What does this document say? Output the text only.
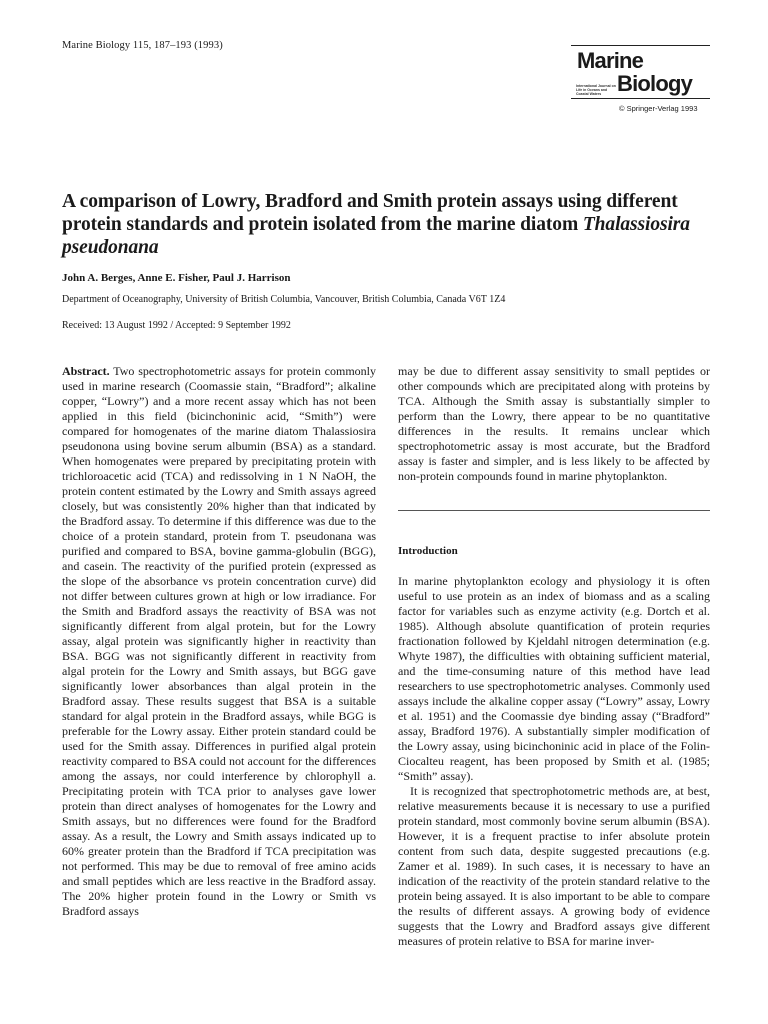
Marine Biology 115, 187–193 (1993)
Marine
International Journal on Life in Oceans and Coastal Waters Biology
© Springer-Verlag 1993
A comparison of Lowry, Bradford and Smith protein assays using different protein standards and protein isolated from the marine diatom Thalassiosira pseudonana
John A. Berges, Anne E. Fisher, Paul J. Harrison
Department of Oceanography, University of British Columbia, Vancouver, British Columbia, Canada V6T 1Z4
Received: 13 August 1992 / Accepted: 9 September 1992

Abstract. Two spectrophotometric assays for protein commonly used in marine research (Coomassie stain, “Bradford”; alkaline copper, “Lowry”) and a more recent assay which has not been applied in this field (bicinchoninic acid, “Smith”) were compared for homogenates of the marine diatom Thalassiosira pseudonona using bovine serum albumin (BSA) as a standard. When homogenates were prepared by precipitating protein with trichloroacetic acid (TCA) and redissolving in 1 N NaOH, the protein content estimated by the Lowry and Smith assays agreed closely, but was consistently 20% higher than that indicated by the Bradford assay. To determine if this difference was due to the choice of a protein standard, protein from T. pseudonana was purified and compared to BSA, bovine gamma-globulin (BGG), and casein. The reactivity of the purified protein (expressed as the slope of the absorbance vs protein concentration curve) did not differ between cultures grown at high or low irradiance. For the Smith and Bradford assays the reactivity of BSA was not significantly different from algal protein, but for the Lowry assay, algal protein was significantly higher in reactivity than BSA. BGG was not significantly different in reactivity from algal protein for the Lowry and Smith assays, but BGG gave significantly lower absorbances than algal protein in the Bradford assay. These results suggest that BSA is a suitable standard for algal protein in the Bradford assays, while BGG is preferable for the Lowry assay. Either protein standard could be used for the Smith assay. Differences in purified algal protein reactivity compared to BSA could not account for the differences among the assays, nor could interference by chlorophyll a. Precipitating protein with TCA prior to analyses gave lower protein than direct analyses of homogenates for the Lowry and Smith assays, but no differences were found for the Bradford assay. As a result, the Lowry and Smith assays indicated up to 60% greater protein than the Bradford if TCA precipitation was not performed. This may be due to removal of free amino acids and small peptides which are less reactive in the Bradford assay. The 20% higher protein found in the Lowry or Smith vs Bradford assays

may be due to different assay sensitivity to small peptides or other compounds which are precipitated along with proteins by TCA. Although the Smith assay is substantially simpler to perform than the Lowry, there appear to be no quantitative differences in the results. It remains unclear which spectrophotometric assay is most accurate, but the Bradford assay is faster and simpler, and is less likely to be affected by non-protein compounds found in marine phytoplankton.

Introduction

In marine phytoplankton ecology and physiology it is often useful to use protein as an index of biomass and as a scaling factor for variables such as enzyme activity (e.g. Dortch et al. 1985). Although absolute quantification of protein requries fractionation followed by Kjeldahl nitrogen determination (e.g. Whyte 1987), the difficulties with obtaining sufficient material, and the time-consuming nature of this method have lead researchers to use spectrophotometric analyses. Commonly used assays include the alkaline copper assay (“Lowry” assay, Lowry et al. 1951) and the Coomassie dye binding assay (“Bradford” assay, Bradford 1976). A substantially simpler modification of the Lowry assay, using bicinchoninic acid in place of the Folin-Ciocalteu reagent, has been proposed by Smith et al. (1985; “Smith” assay).

It is recognized that spectrophotometric methods are, at best, relative measurements because it is necessary to use a purified protein standard, most commonly bovine serum albumin (BSA). However, it is a frequent practise to infer absolute protein content from such data, despite suggested precautions (e.g. Zamer et al. 1989). In such cases, it is necessary to have an indication of the reactivity of the protein standard relative to the protein being assayed. It is also important to be able to compare the results of different assays. A growing body of evidence suggests that the Lowry and Bradford assays give different measures of protein relative to BSA for marine inver-
